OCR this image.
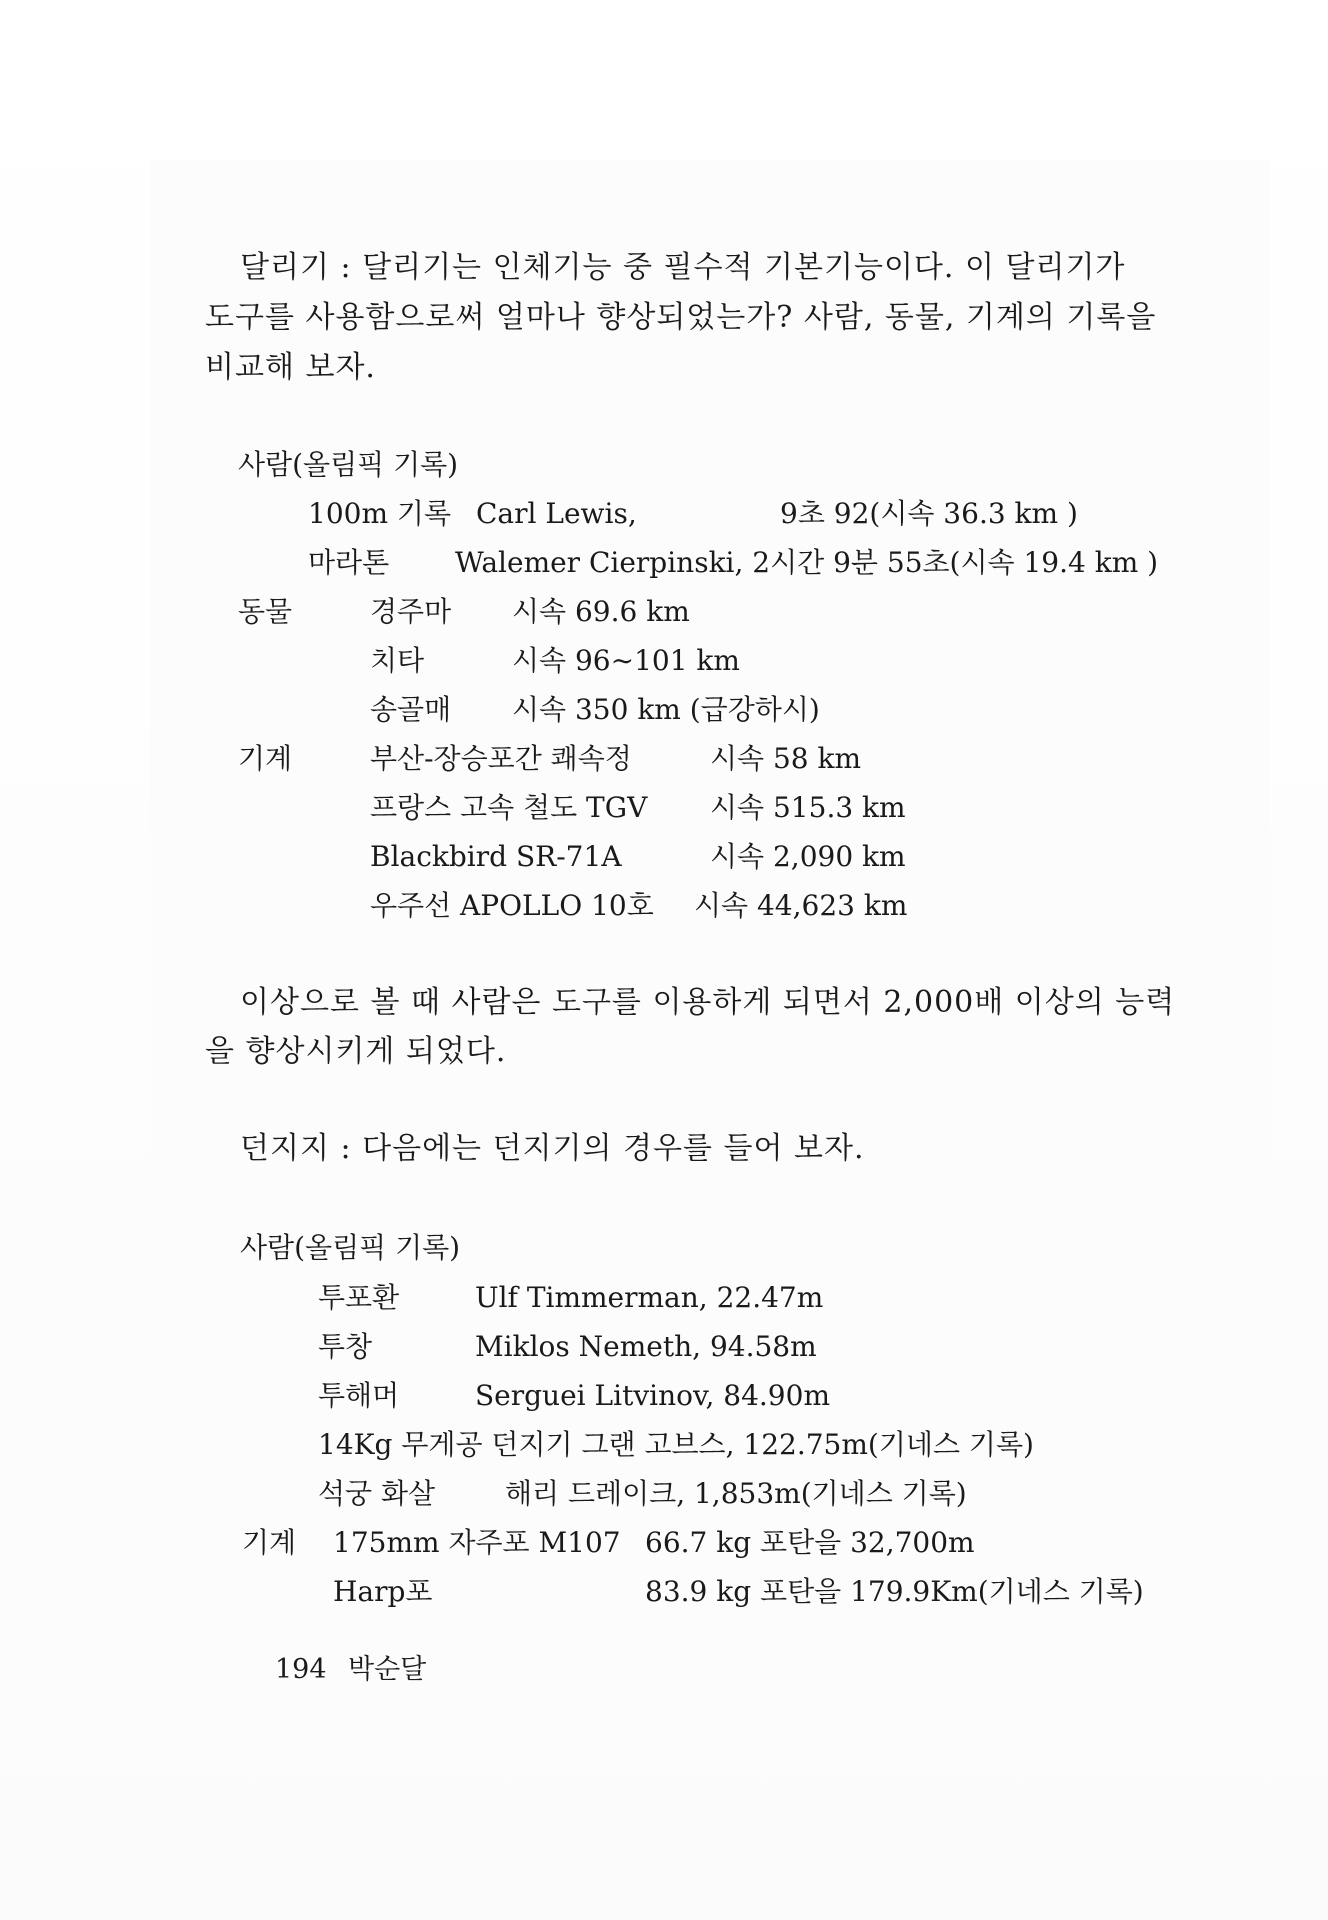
달리기 : 달리기는 인체기능 중 필수적 기본기능이다. 이 달리기가
도구를 사용함으로써 얼마나 향상되었는가? 사람, 동물, 기계의 기록을
비교해 보자.
사람(올림픽 기록)
100m 기록 Carl Lewis,	9초 92(시속 36.3 km )
마라톤 Walemer Cierpinski, 2시간 9분 55초(시속 19.4 km )
동물	경주마 시속 69.6 km
치타	시속 96∼101 km
송골매 시속 350 km (급강하시)
기계	부산-장승포간 쾌속정	시속 58 km
프랑스 고속 철도 TGV 시속 515.3 km
Blackbird SR-71A	시속 2,090 km
우주선 APOLLO 10호 시속 44,623 km
이상으로 볼 때 사람은 도구를 이용하게 되면서 2,000배 이상의 능력
을 향상시키게 되었다.
던지지 : 다음에는 던지기의 경우를 들어 보자.
사람(올림픽 기록)
투포환	Ulf Timmerman, 22.47m
투창	Miklos Nemeth, 94.58m
투해머	Serguei Litvinov, 84.90m
14Kg 무게공 던지기 그랜 고브스, 122.75m(기네스 기록)
석궁 화살 해리 드레이크, 1,853m(기네스 기록)
기계 175mm 자주포 M107 66.7 kg 포탄을 32,700m
Harp포	83.9 kg 포탄을 179.9Km(기네스 기록)
194 박순달
